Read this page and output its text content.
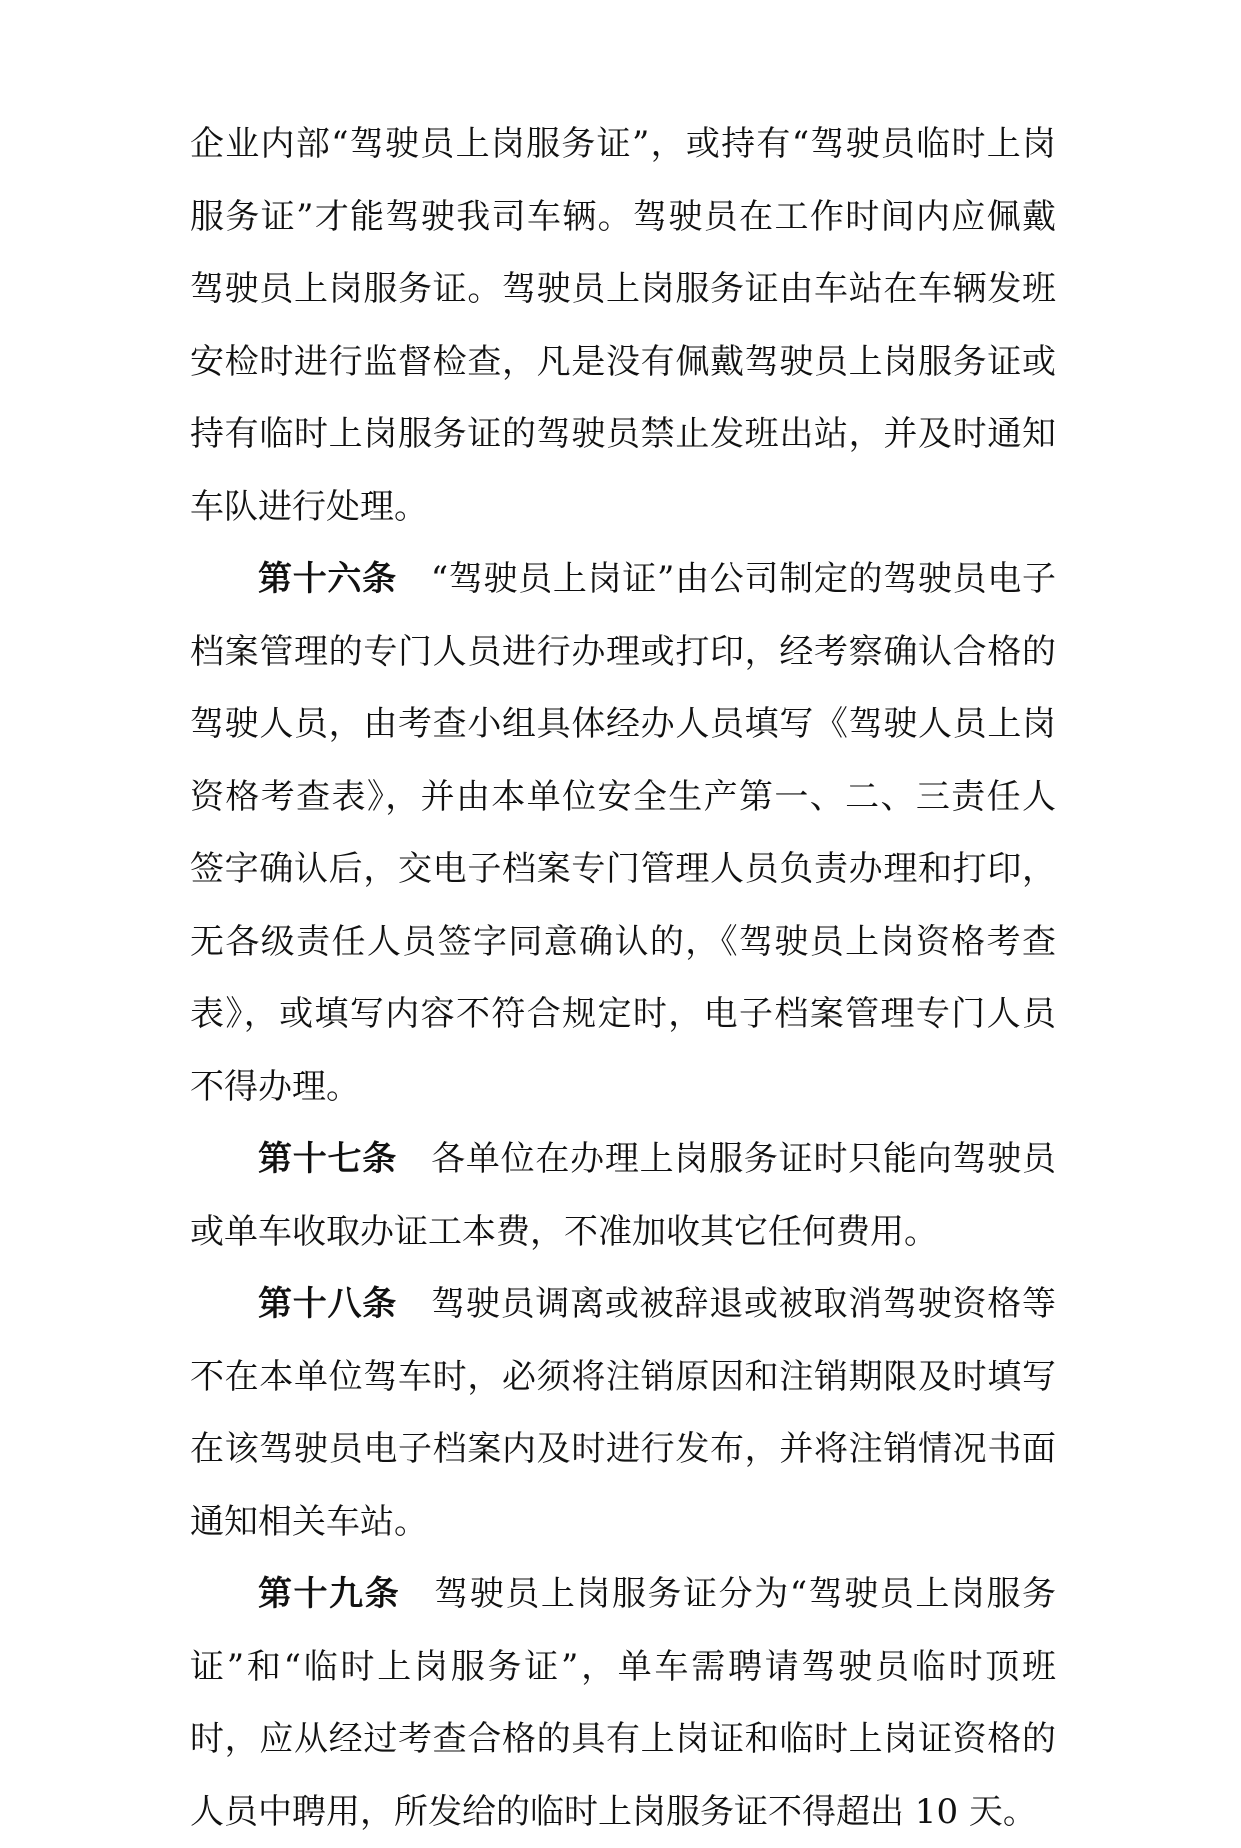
企业内部“驾驶员上岗服务证”，或持有“驾驶员临时上岗服务证”才能驾驶我司车辆。驾驶员在工作时间内应佩戴驾驶员上岗服务证。驾驶员上岗服务证由车站在车辆发班安检时进行监督检查，凡是没有佩戴驾驶员上岗服务证或持有临时上岗服务证的驾驶员禁止发班出站，并及时通知车队进行处理。

第十六条 “驾驶员上岗证”由公司制定的驾驶员电子档案管理的专门人员进行办理或打印，经考察确认合格的驾驶人员，由考查小组具体经办人员填写《驾驶人员上岗资格考查表》，并由本单位安全生产第一、二、三责任人签字确认后，交电子档案专门管理人员负责办理和打印，无各级责任人员签字同意确认的，《驾驶员上岗资格考查表》，或填写内容不符合规定时，电子档案管理专门人员不得办理。

第十七条 各单位在办理上岗服务证时只能向驾驶员或单车收取办证工本费，不准加收其它任何费用。

第十八条 驾驶员调离或被辞退或被取消驾驶资格等不在本单位驾车时，必须将注销原因和注销期限及时填写在该驾驶员电子档案内及时进行发布，并将注销情况书面通知相关车站。

第十九条 驾驶员上岗服务证分为“驾驶员上岗服务证”和“临时上岗服务证”，单车需聘请驾驶员临时顶班时，应从经过考查合格的具有上岗证和临时上岗证资格的人员中聘用，所发给的临时上岗服务证不得超出 10 天。
